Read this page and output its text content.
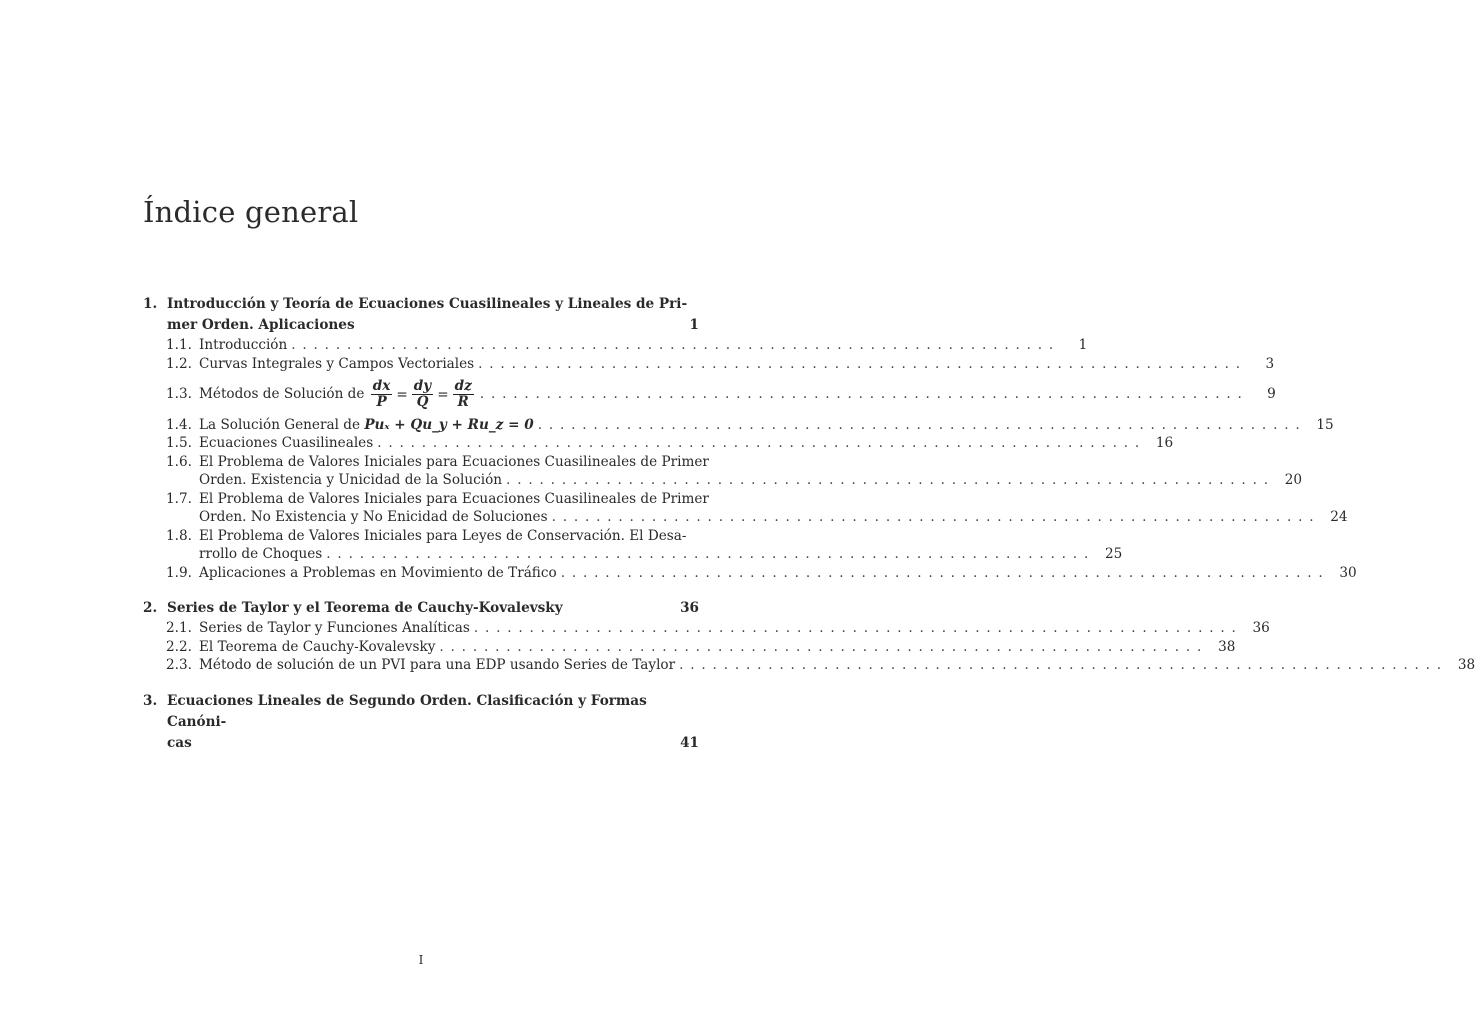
Índice general
1. Introducción y Teoría de Ecuaciones Cuasilineales y Lineales de Pri-
mer Orden. Aplicaciones	1
1.1. Introducción . . .	1
1.2. Curvas Integrales y Campos Vectoriales . . .	3
1.3. Métodos de Solución de $\frac{dx}{P} = \frac{dy}{Q} = \frac{dz}{R}$ . . .	9
1.4. La Solución General de Puₓ + Qu_y + Ru_z = 0 . . .	15
1.5. Ecuaciones Cuasilineales . . .	16
1.6. El Problema de Valores Iniciales para Ecuaciones Cuasilineales de Primer
Orden. Existencia y Unicidad de la Solución . . .	20
1.7. El Problema de Valores Iniciales para Ecuaciones Cuasilineales de Primer
Orden. No Existencia y No Enicidad de Soluciones . . .	24
1.8. El Problema de Valores Iniciales para Leyes de Conservación. El Desa-
rrollo de Choques . . .	25
1.9. Aplicaciones a Problemas en Movimiento de Tráfico . . .	30
2. Series de Taylor y el Teorema de Cauchy-Kovalevsky	36
2.1. Series de Taylor y Funciones Analíticas . . .	36
2.2. El Teorema de Cauchy-Kovalevsky . . .	38
2.3. Método de solución de un PVI para una EDP usando Series de Taylor . . .	38
3. Ecuaciones Lineales de Segundo Orden. Clasificación y Formas Canóni-
cas	41
I
